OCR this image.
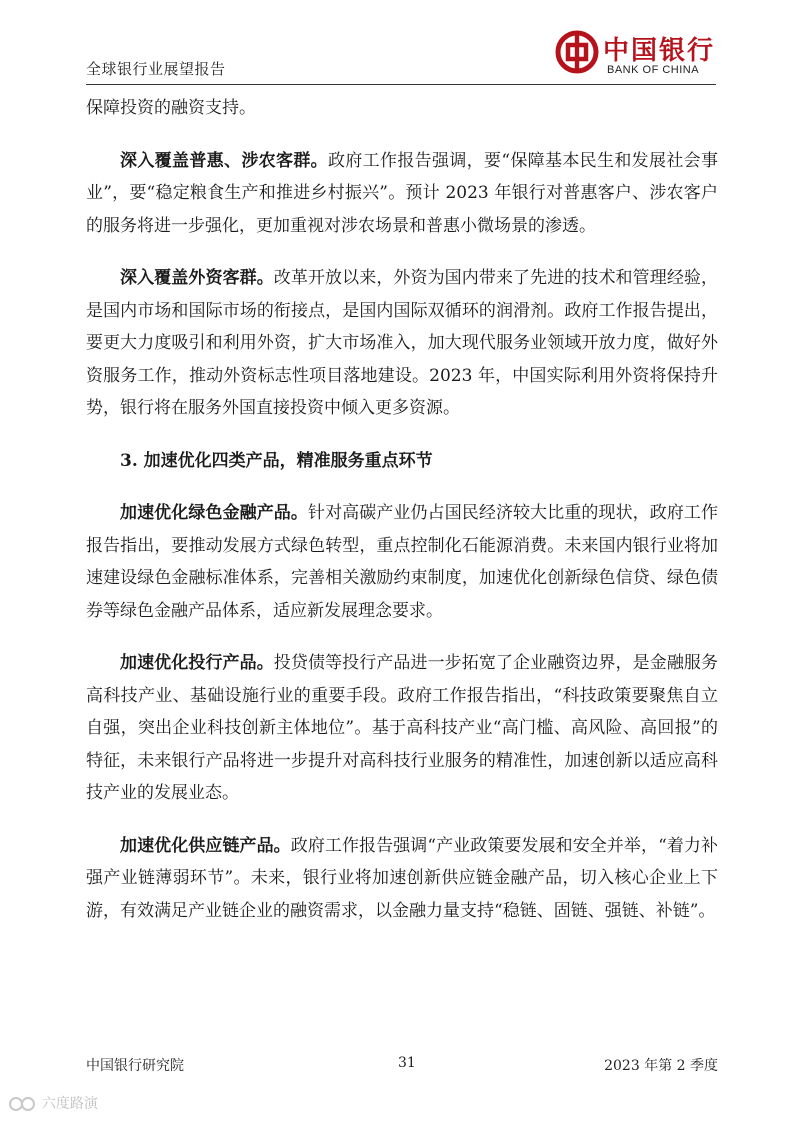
全球银行业展望报告
中国银行
BANK OF CHINA

保障投资的融资支持。

深入覆盖普惠、涉农客群。政府工作报告强调，要“保障基本民生和发展社会事业”，要“稳定粮食生产和推进乡村振兴”。预计 2023 年银行对普惠客户、涉农客户的服务将进一步强化，更加重视对涉农场景和普惠小微场景的渗透。

深入覆盖外资客群。改革开放以来，外资为国内带来了先进的技术和管理经验，是国内市场和国际市场的衔接点，是国内国际双循环的润滑剂。政府工作报告提出，要更大力度吸引和利用外资，扩大市场准入，加大现代服务业领域开放力度，做好外资服务工作，推动外资标志性项目落地建设。2023 年，中国实际利用外资将保持升势，银行将在服务外国直接投资中倾入更多资源。

3. 加速优化四类产品，精准服务重点环节

加速优化绿色金融产品。针对高碳产业仍占国民经济较大比重的现状，政府工作报告指出，要推动发展方式绿色转型，重点控制化石能源消费。未来国内银行业将加速建设绿色金融标准体系，完善相关激励约束制度，加速优化创新绿色信贷、绿色债券等绿色金融产品体系，适应新发展理念要求。

加速优化投行产品。投贷债等投行产品进一步拓宽了企业融资边界，是金融服务高科技产业、基础设施行业的重要手段。政府工作报告指出，“科技政策要聚焦自立自强，突出企业科技创新主体地位”。基于高科技产业“高门槛、高风险、高回报”的特征，未来银行产品将进一步提升对高科技行业服务的精准性，加速创新以适应高科技产业的发展业态。

加速优化供应链产品。政府工作报告强调“产业政策要发展和安全并举，“着力补强产业链薄弱环节”。未来，银行业将加速创新供应链金融产品，切入核心企业上下游，有效满足产业链企业的融资需求，以金融力量支持“稳链、固链、强链、补链”。

中国银行研究院	31	2023 年第 2 季度
六度路演
